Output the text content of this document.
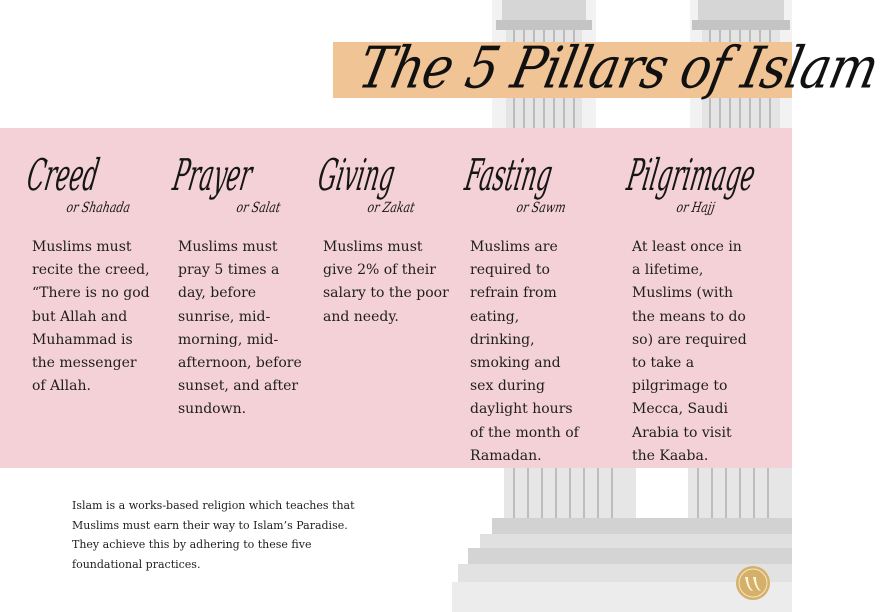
The 5 Pillars of Islam
Creed
or Shahada

Muslims must recite the creed, “There is no god but Allah and Muhammad is the messenger of Allah.

Prayer
or Salat

Muslims must pray 5 times a day, before sunrise, mid-morning, mid-afternoon, before sunset, and after sundown.

Giving
or Zakat

Muslims must give 2% of their salary to the poor and needy.

Fasting
or Sawm

Muslims are required to refrain from eating, drinking, smoking and sex during daylight hours of the month of Ramadan.

Pilgrimage
or Hajj

At least once in a lifetime, Muslims (with the means to do so) are required to take a pilgrimage to Mecca, Saudi Arabia to visit the Kaaba.

Islam is a works-based religion which teaches that Muslims must earn their way to Islam’s Paradise. They achieve this by adhering to these five foundational practices.
